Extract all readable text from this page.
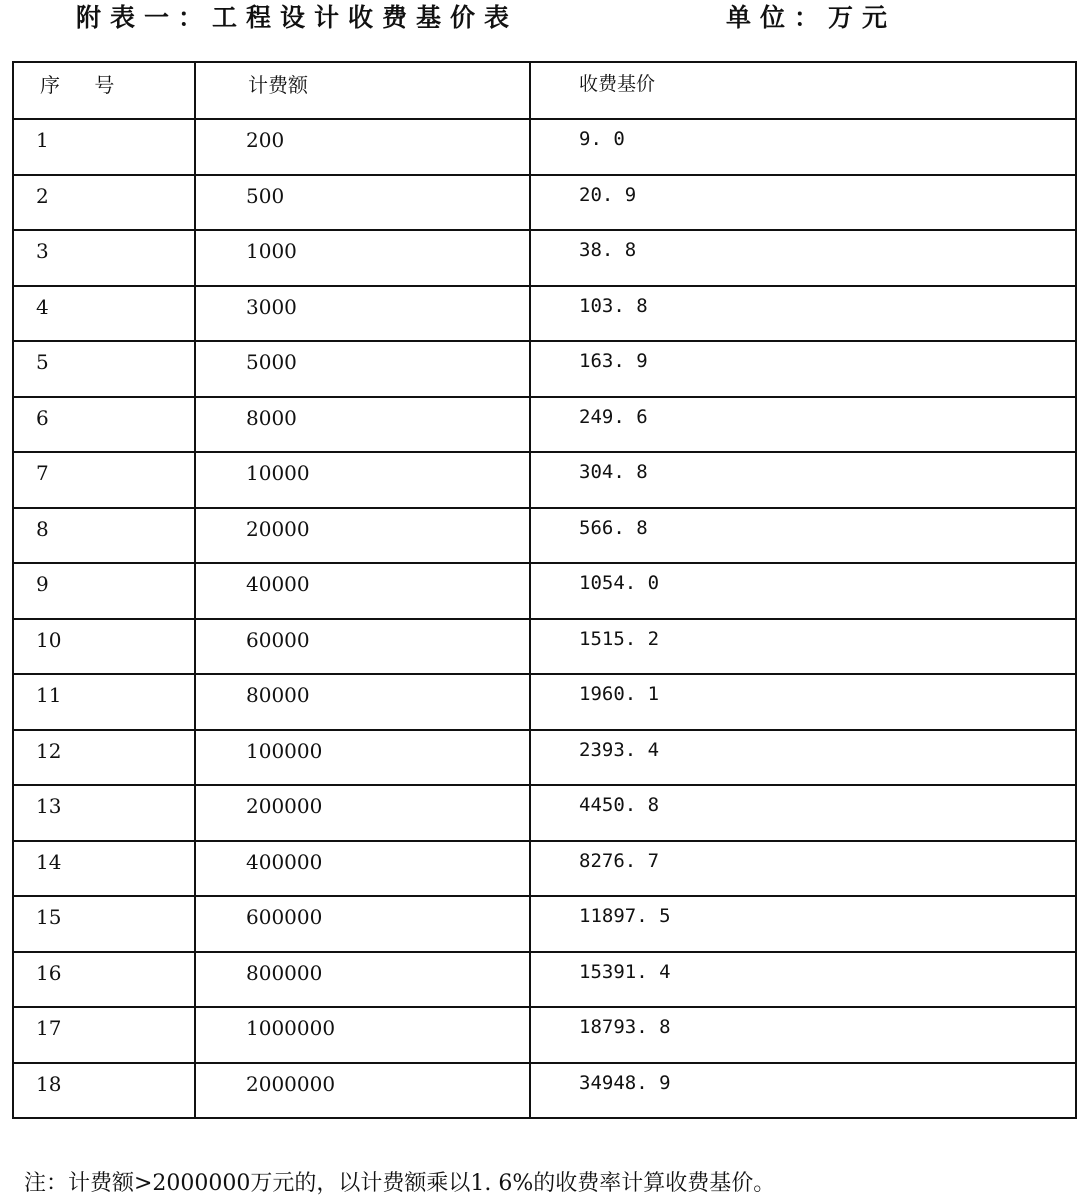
附表一：工程设计收费基价表	单位：万元
序 号	计费额	收费基价

1	200	9. 0

2	500	20. 9

3	1000	38. 8

4	3000	103. 8

5	5000	163. 9

6	8000	249. 6

7	10000	304. 8

8	20000	566. 8

9	40000	1054. 0

10	60000	1515. 2

11	80000	1960. 1

12	100000	2393. 4

13	200000	4450. 8

14	400000	8276. 7

15	600000	11897. 5

16	800000	15391. 4

17	1000000	18793. 8

18	2000000	34948. 9
注：计费额>2000000万元的，以计费额乘以1. 6%的收费率计算收费基价。
